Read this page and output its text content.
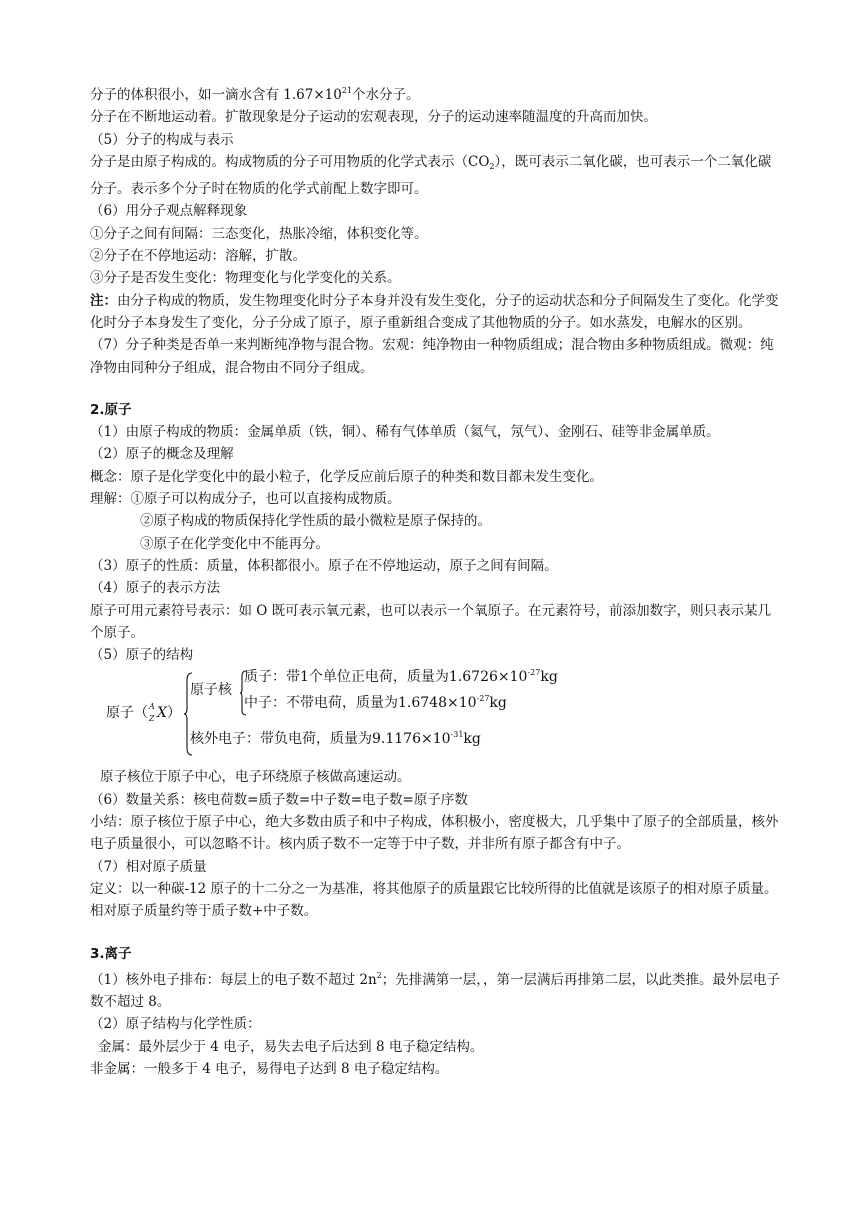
分子的体积很小，如一滴水含有 $1.67\times 10^{21}$个水分子。
分子在不断地运动着。扩散现象是分子运动的宏观表现，分子的运动速率随温度的升高而加快。
（5）分子的构成与表示
分子是由原子构成的。构成物质的分子可用物质的化学式表示$(CO_2)$，既可表示二氧化碳，也可表示一个二氧化碳分子。表示多个分子时在物质的化学式前配上数字即可。
（6）用分子观点解释现象
①分子之间有间隔：三态变化，热胀冷缩，体积变化等。
②分子在不停地运动：溶解，扩散。
③分子是否发生变化：物理变化与化学变化的关系。
注：由分子构成的物质，发生物理变化时分子本身并没有发生变化，分子的运动状态和分子间隔发生了变化。化学变化时分子本身发生了变化，分子分成了原子，原子重新组合变成了其他物质的分子。如水蒸发，电解水的区别。
（7）分子种类是否单一来判断纯净物与混合物。宏观：纯净物由一种物质组成；混合物由多种物质组成。微观：纯净物由同种分子组成，混合物由不同分子组成。
2.原子
（1）由原子构成的物质：金属单质（铁，铜）、稀有气体单质（氦气，氖气）、金刚石、硅等非金属单质。
（2）原子的概念及理解
概念：原子是化学变化中的最小粒子，化学反应前后原子的种类和数目都未发生变化。
理解：①原子可以构成分子，也可以直接构成物质。
②原子构成的物质保持化学性质的最小微粒是原子保持的。
③原子在化学变化中不能再分。
（3）原子的性质：质量，体积都很小。原子在不停地运动，原子之间有间隔。
（4）原子的表示方法
原子可用元素符号表示：如 O 既可表示氧元素，也可以表示一个氧原子。在元素符号，前添加数字，则只表示某几个原子。
（5）原子的结构
原子（ A
Z X）
原子核
质子：带1个单位正电荷，质量为$1.6726\times 10^{-27}kg$
中子：不带电荷，质量为$1.6748\times 10^{-27}kg$
核外电子：带负电荷，质量为$9.1176\times 10^{-31}kg$
原子核位于原子中心，电子环绕原子核做高速运动。
（6）数量关系：核电荷数=质子数=中子数=电子数=原子序数
小结：原子核位于原子中心，绝大多数由质子和中子构成，体积极小，密度极大，几乎集中了原子的全部质量，核外电子质量很小，可以忽略不计。核内质子数不一定等于中子数，并非所有原子都含有中子。
（7）相对原子质量
定义：以一种碳-12 原子的十二分之一为基准，将其他原子的质量跟它比较所得的比值就是该原子的相对原子质量。相对原子质量约等于质子数+中子数。
3.离子
（1）核外电子排布：每层上的电子数不超过 $2n^2$；先排满第一层，，第一层满后再排第二层，以此类推。最外层电子数不超过 8。
（2）原子结构与化学性质：
金属：最外层少于 4 电子，易失去电子后达到 8 电子稳定结构。
非金属：一般多于 4 电子，易得电子达到 8 电子稳定结构。
